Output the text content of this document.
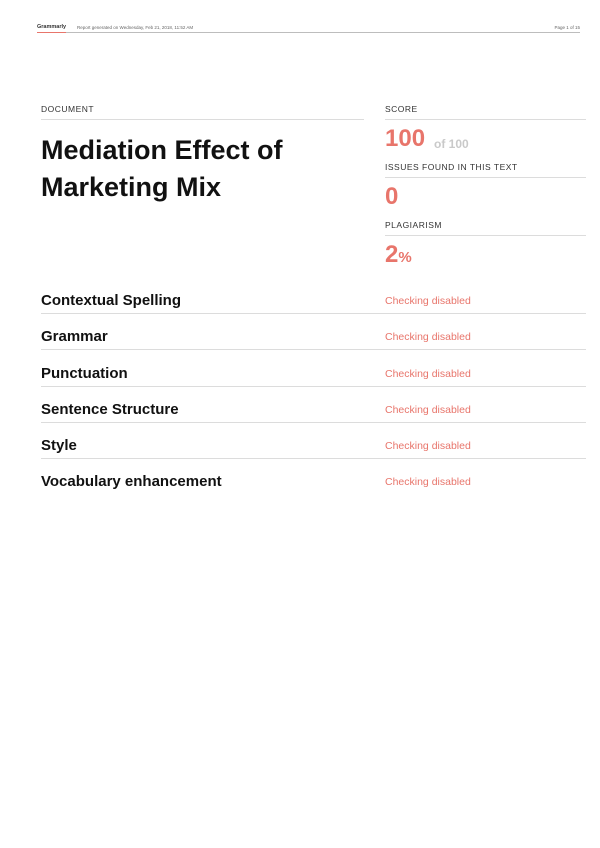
Grammarly Report generated on Wednesday, Feb 21, 2018, 11:52 AM	Page 1 of 15
DOCUMENT
Mediation Effect of Marketing Mix
SCORE
100 of 100
ISSUES FOUND IN THIS TEXT
0
PLAGIARISM
2%
Contextual Spelling	Checking disabled
Grammar	Checking disabled
Punctuation	Checking disabled
Sentence Structure	Checking disabled
Style	Checking disabled
Vocabulary enhancement	Checking disabled
